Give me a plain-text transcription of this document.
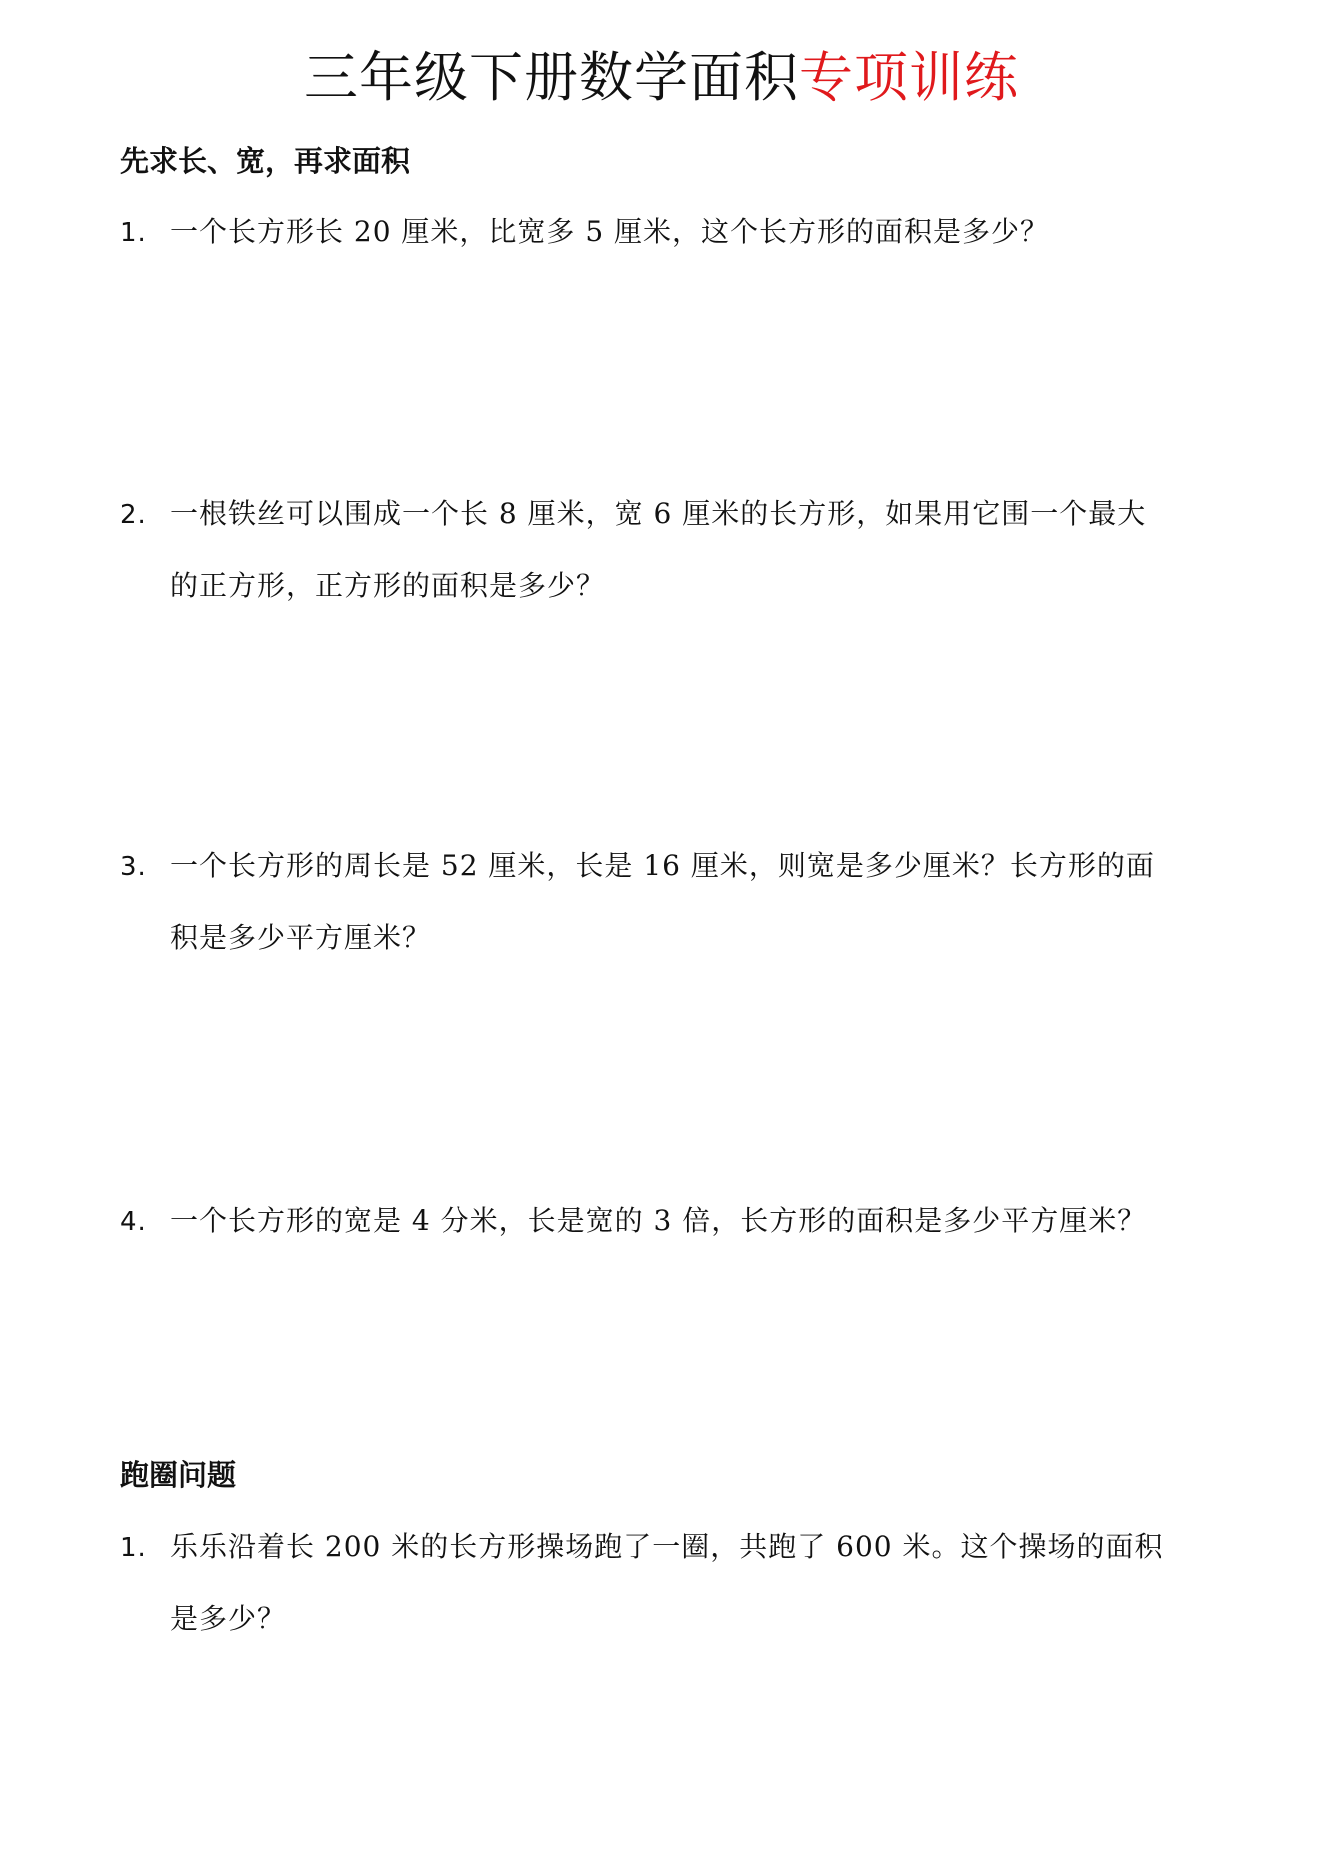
三年级下册数学面积专项训练
先求长、宽，再求面积
1. 一个长方形长 20 厘米，比宽多 5 厘米，这个长方形的面积是多少？
2. 一根铁丝可以围成一个长 8 厘米，宽 6 厘米的长方形，如果用它围一个最大
的正方形，正方形的面积是多少？
3. 一个长方形的周长是 52 厘米，长是 16 厘米，则宽是多少厘米？长方形的面
积是多少平方厘米？
4. 一个长方形的宽是 4 分米，长是宽的 3 倍，长方形的面积是多少平方厘米？
跑圈问题
1. 乐乐沿着长 200 米的长方形操场跑了一圈，共跑了 600 米。这个操场的面积
是多少？
